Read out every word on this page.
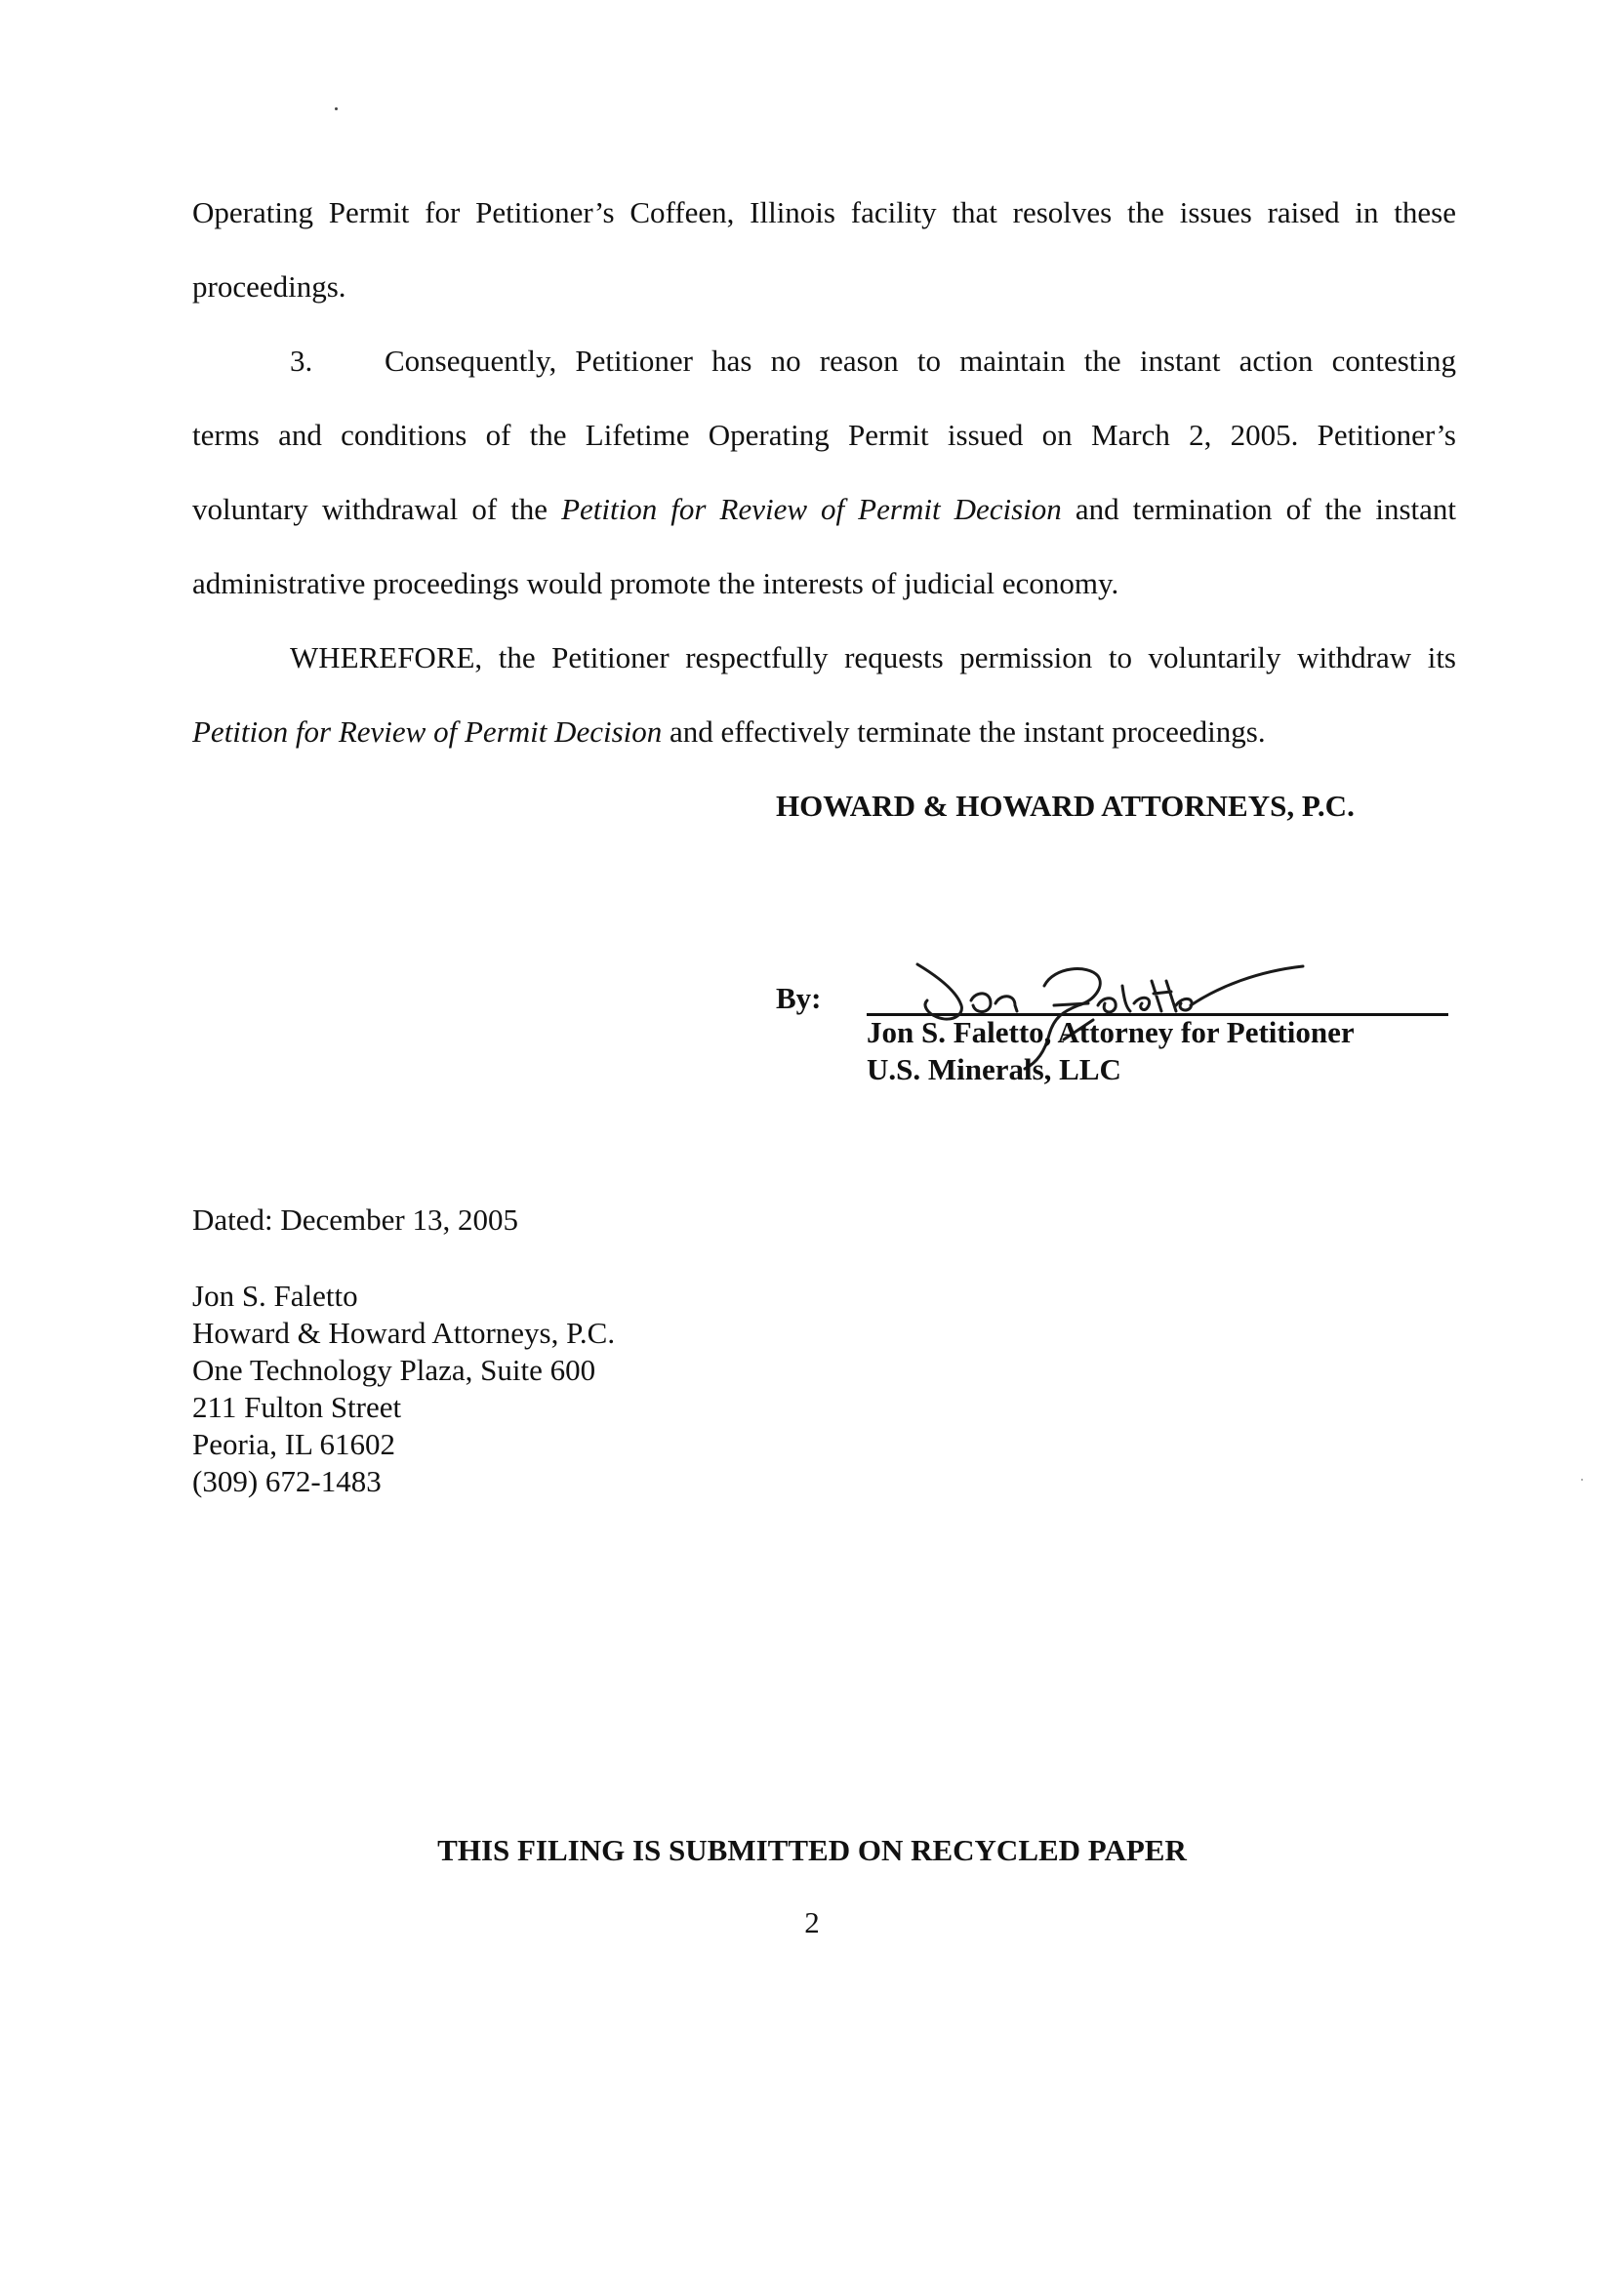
Operating Permit for Petitioner’s Coffeen, Illinois facility that resolves the issues raised in these

proceedings.

3. Consequently, Petitioner has no reason to maintain the instant action contesting

terms and conditions of the Lifetime Operating Permit issued on March 2, 2005. Petitioner’s

voluntary withdrawal of the Petition for Review of Permit Decision and termination of the instant

administrative proceedings would promote the interests of judicial economy.

WHEREFORE, the Petitioner respectfully requests permission to voluntarily withdraw its

Petition for Review of Permit Decision and effectively terminate the instant proceedings.

HOWARD & HOWARD ATTORNEYS, P.C.
By:
Jon S. Faletto, Attorney for Petitioner
U.S. Minerals, LLC
Dated: December 13, 2005
Jon S. Faletto
Howard & Howard Attorneys, P.C.
One Technology Plaza, Suite 600
211 Fulton Street
Peoria, IL 61602
(309) 672-1483
THIS FILING IS SUBMITTED ON RECYCLED PAPER
2
